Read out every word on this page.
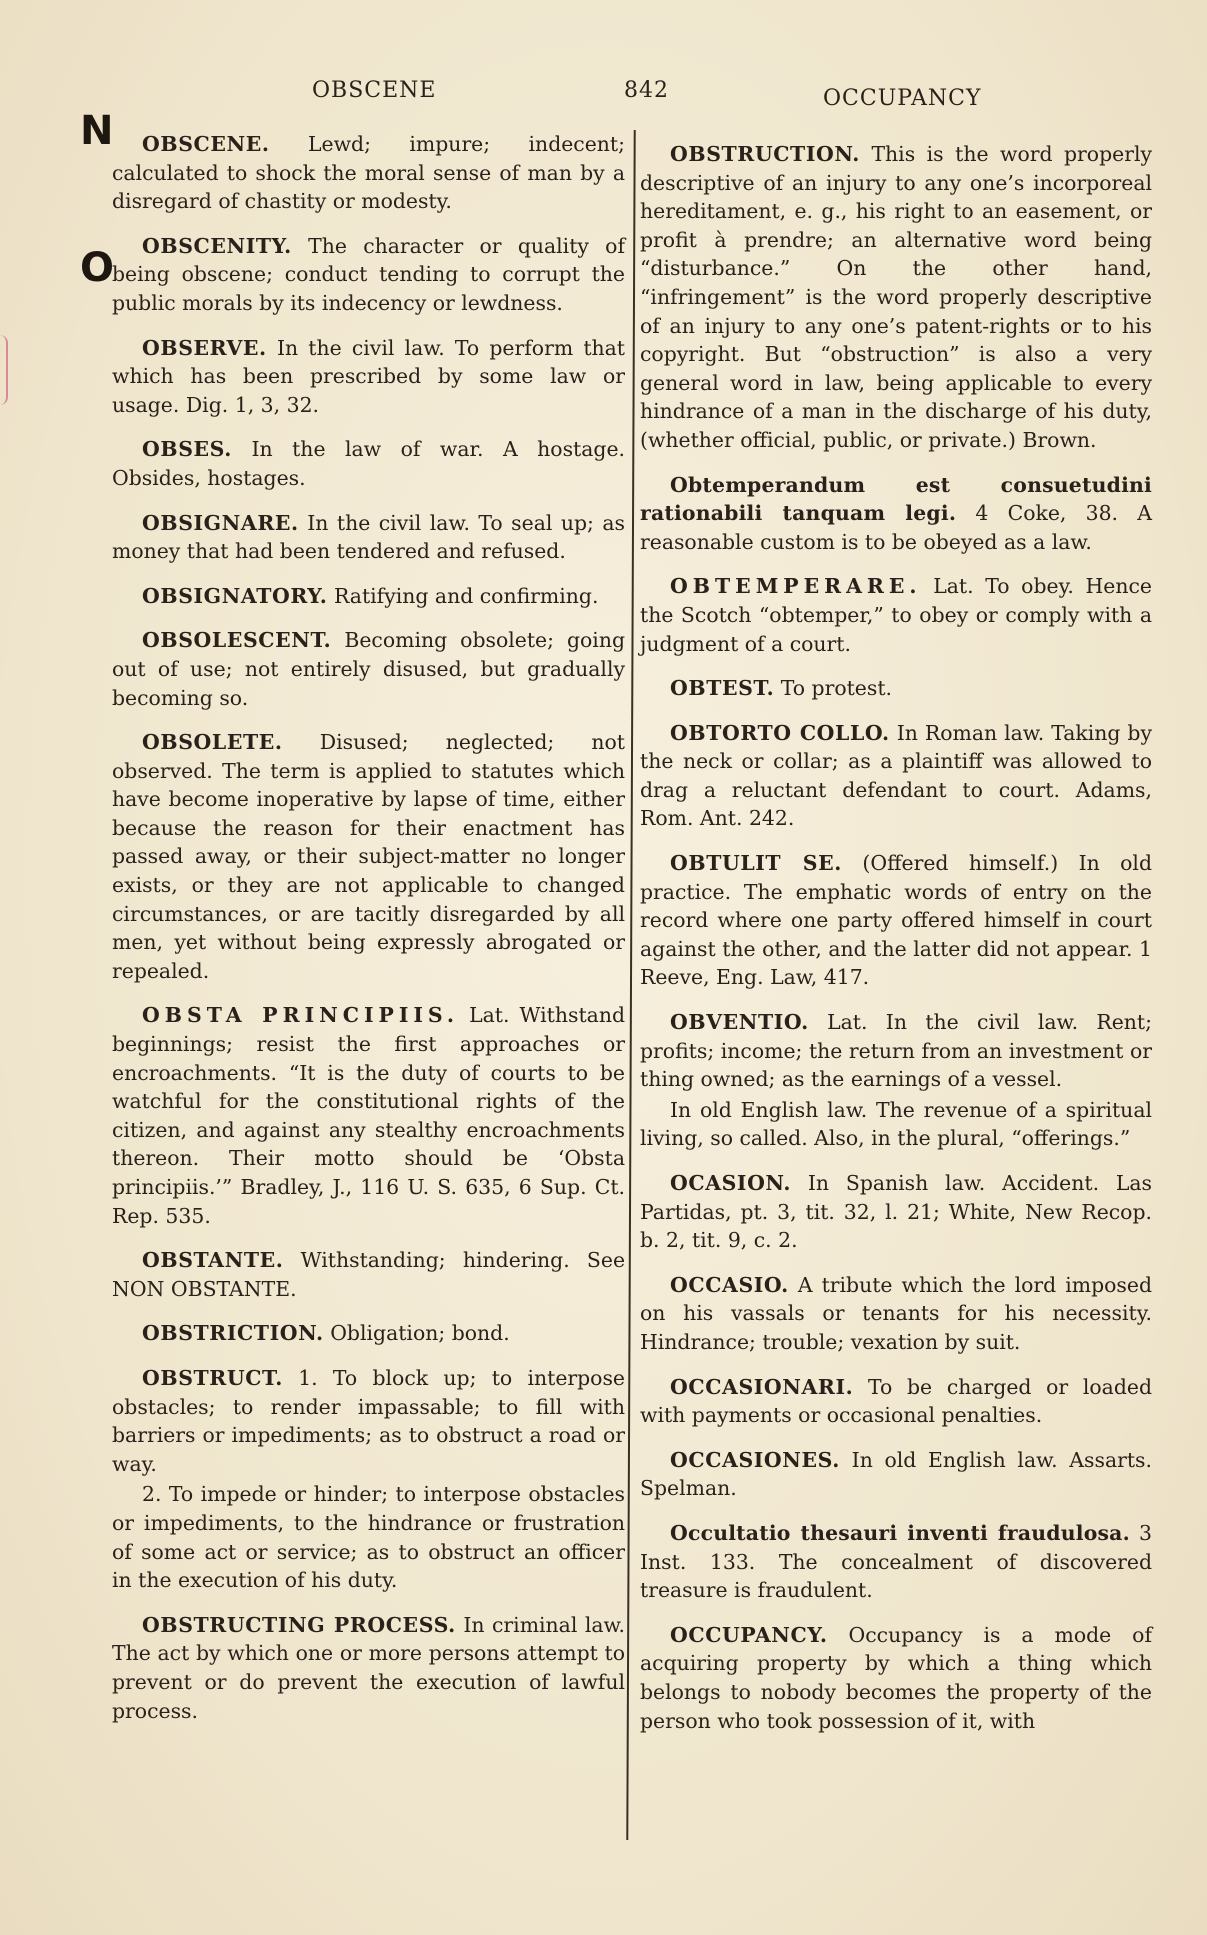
OBSCENE	842	OCCUPANCY
N
O

OBSCENE. Lewd; impure; indecent; calculated to shock the moral sense of man by a disregard of chastity or modesty.

OBSCENITY. The character or quality of being obscene; conduct tending to corrupt the public morals by its indecency or lewdness.

OBSERVE. In the civil law. To perform that which has been prescribed by some law or usage. Dig. 1, 3, 32.

OBSES. In the law of war. A hostage. Obsides, hostages.

OBSIGNARE. In the civil law. To seal up; as money that had been tendered and refused.

OBSIGNATORY. Ratifying and confirming.

OBSOLESCENT. Becoming obsolete; going out of use; not entirely disused, but gradually becoming so.

OBSOLETE. Disused; neglected; not observed. The term is applied to statutes which have become inoperative by lapse of time, either because the reason for their enactment has passed away, or their subject-matter no longer exists, or they are not applicable to changed circumstances, or are tacitly disregarded by all men, yet without being expressly abrogated or repealed.

OBSTA PRINCIPIIS. Lat. Withstand beginnings; resist the first approaches or encroachments. “It is the duty of courts to be watchful for the constitutional rights of the citizen, and against any stealthy encroachments thereon. Their motto should be ‘Obsta principiis.’” Bradley, J., 116 U. S. 635, 6 Sup. Ct. Rep. 535.

OBSTANTE. Withstanding; hindering. See NON OBSTANTE.

OBSTRICTION. Obligation; bond.

OBSTRUCT. 1. To block up; to interpose obstacles; to render impassable; to fill with barriers or impediments; as to obstruct a road or way.

2. To impede or hinder; to interpose obstacles or impediments, to the hindrance or frustration of some act or service; as to obstruct an officer in the execution of his duty.

OBSTRUCTING PROCESS. In criminal law. The act by which one or more persons attempt to prevent or do prevent the execution of lawful process.

OBSTRUCTION. This is the word properly descriptive of an injury to any one’s incorporeal hereditament, e. g., his right to an easement, or profit à prendre; an alternative word being “disturbance.” On the other hand, “infringement” is the word properly descriptive of an injury to any one’s patent-rights or to his copyright. But “obstruction” is also a very general word in law, being applicable to every hindrance of a man in the discharge of his duty, (whether official, public, or private.) Brown.

Obtemperandum est consuetudini rationabili tanquam legi. 4 Coke, 38. A reasonable custom is to be obeyed as a law.

OBTEMPERARE. Lat. To obey. Hence the Scotch “obtemper,” to obey or comply with a judgment of a court.

OBTEST. To protest.

OBTORTO COLLO. In Roman law. Taking by the neck or collar; as a plaintiff was allowed to drag a reluctant defendant to court. Adams, Rom. Ant. 242.

OBTULIT SE. (Offered himself.) In old practice. The emphatic words of entry on the record where one party offered himself in court against the other, and the latter did not appear. 1 Reeve, Eng. Law, 417.

OBVENTIO. Lat. In the civil law. Rent; profits; income; the return from an investment or thing owned; as the earnings of a vessel.

In old English law. The revenue of a spiritual living, so called. Also, in the plural, “offerings.”

OCASION. In Spanish law. Accident. Las Partidas, pt. 3, tit. 32, l. 21; White, New Recop. b. 2, tit. 9, c. 2.

OCCASIO. A tribute which the lord imposed on his vassals or tenants for his necessity. Hindrance; trouble; vexation by suit.

OCCASIONARI. To be charged or loaded with payments or occasional penalties.

OCCASIONES. In old English law. Assarts. Spelman.

Occultatio thesauri inventi fraudulosa. 3 Inst. 133. The concealment of discovered treasure is fraudulent.

OCCUPANCY. Occupancy is a mode of acquiring property by which a thing which belongs to nobody becomes the property of the person who took possession of it, with
